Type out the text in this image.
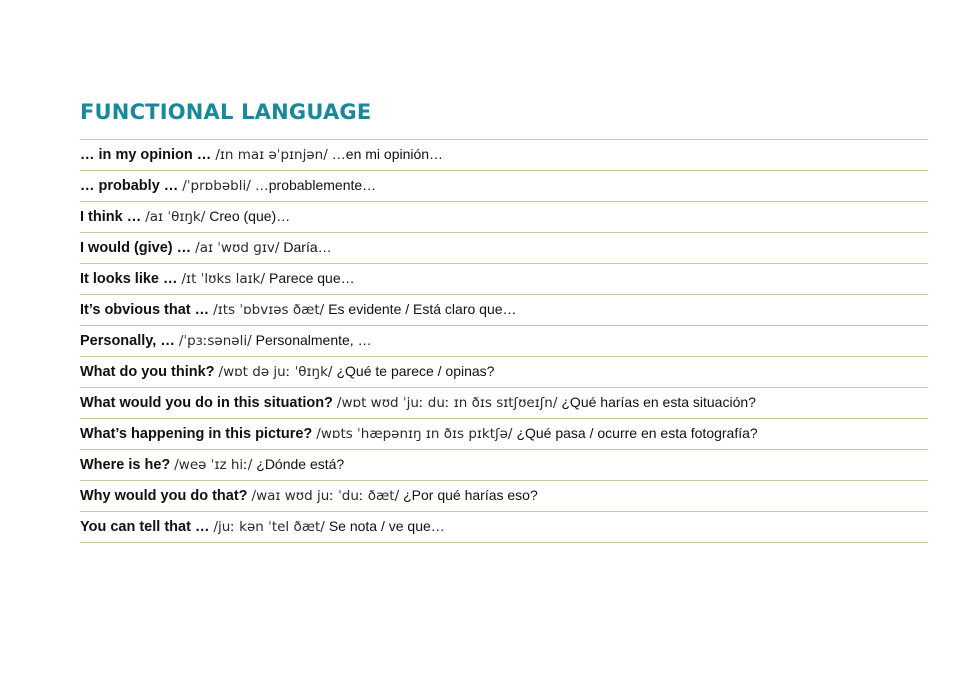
FUNCTIONAL LANGUAGE
… in my opinion … /ɪn maɪ əˈpɪnjən/ …en mi opinión…
… probably … /ˈprɒbəbli/ …probablemente…
I think … /aɪ ˈθɪŋk/ Creo (que)…
I would (give) … /aɪ ˈwʊd ɡɪv/ Daría…
It looks like … /ɪt ˈlʊks laɪk/ Parece que…
It’s obvious that … /ɪts ˈɒbvɪəs ðæt/ Es evidente / Está claro que…
Personally, … /ˈpɜːsənəli/ Personalmente, …
What do you think? /wɒt də juː ˈθɪŋk/ ¿Qué te parece / opinas?
What would you do in this situation? /wɒt wʊd ˈjuː duː ɪn ðɪs sɪtʃʊeɪʃn/ ¿Qué harías en esta situación?
What’s happening in this picture? /wɒts ˈhæpənɪŋ ɪn ðɪs pɪktʃə/ ¿Qué pasa / ocurre en esta fotografía?
Where is he? /weə ˈɪz hiː/ ¿Dónde está?
Why would you do that? /waɪ wʊd juː ˈduː ðæt/ ¿Por qué harías eso?
You can tell that … /juː kən ˈtel ðæt/ Se nota / ve que…
